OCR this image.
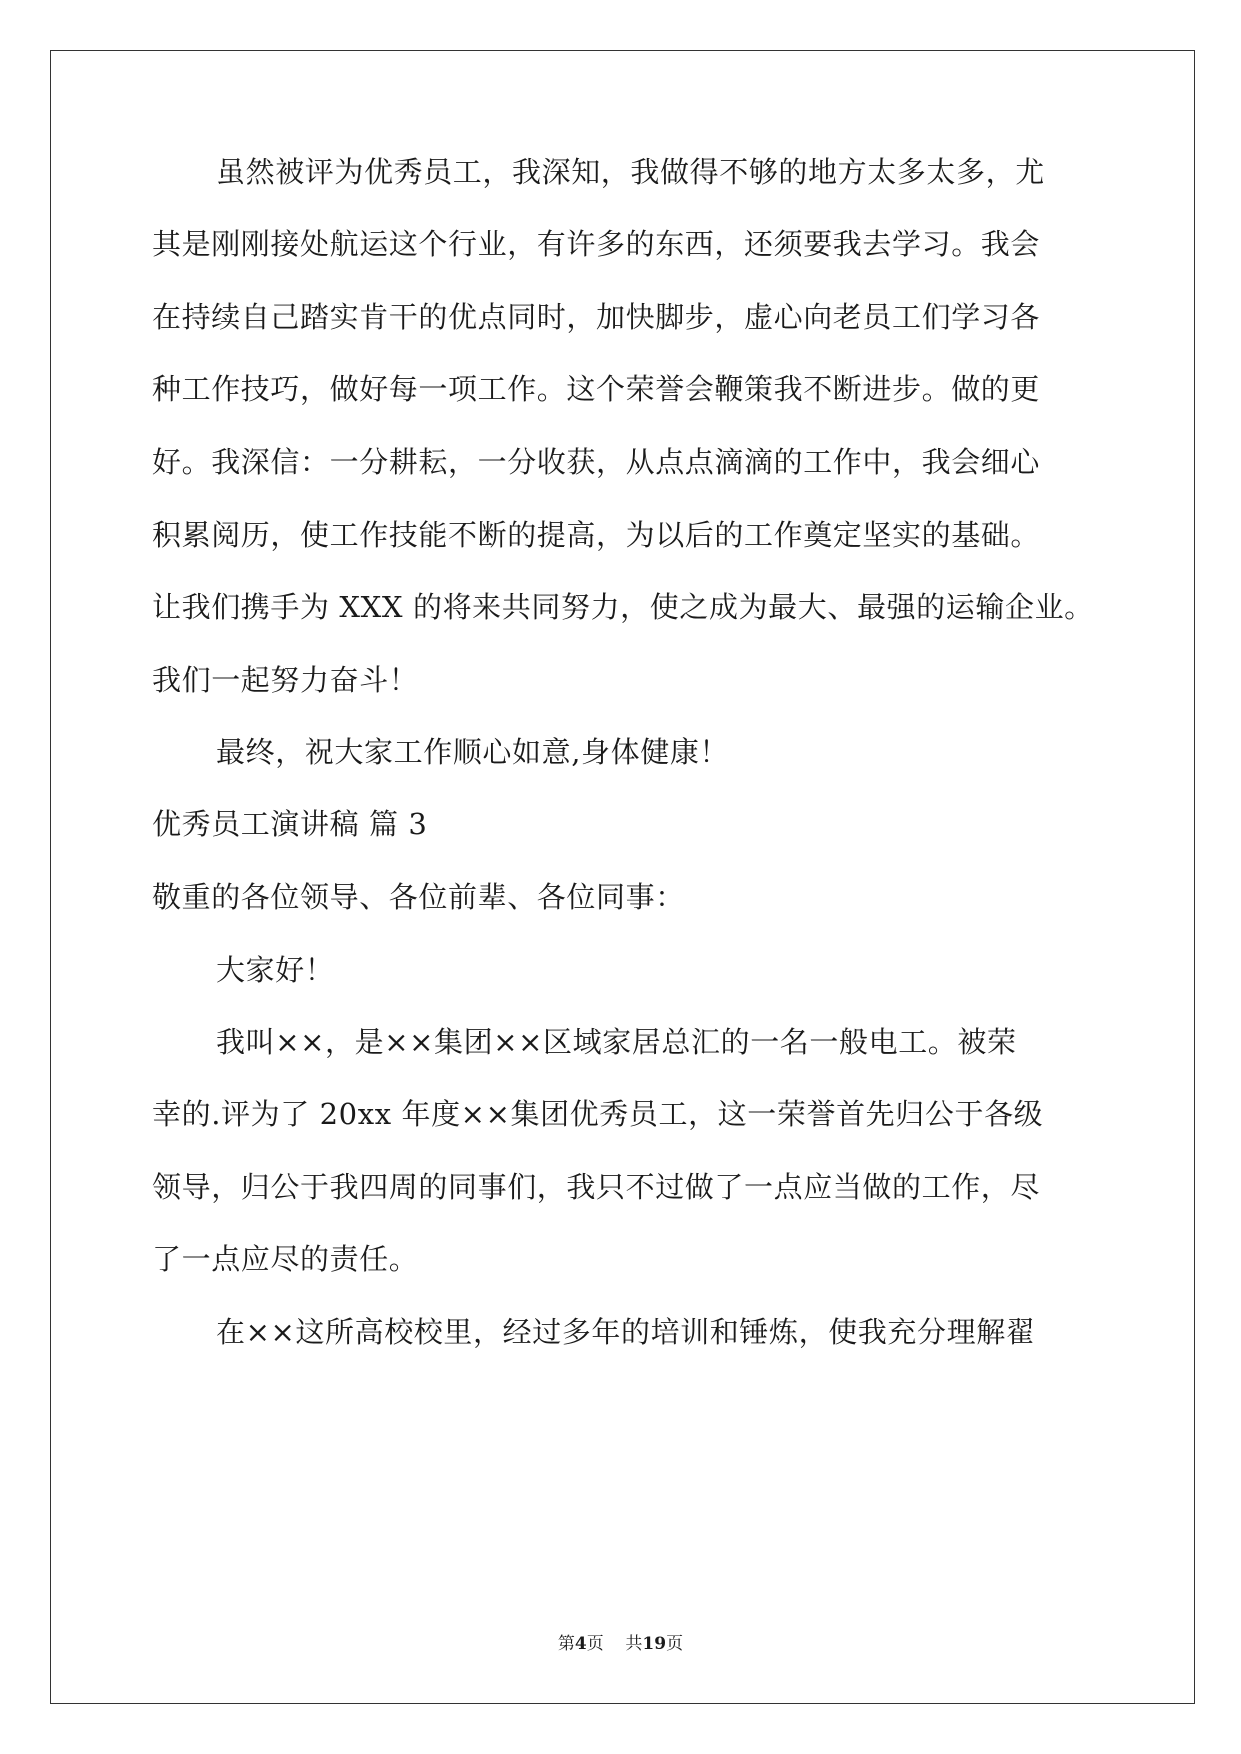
虽然被评为优秀员工，我深知，我做得不够的地方太多太多，尤
其是刚刚接处航运这个行业，有许多的东西，还须要我去学习。我会
在持续自己踏实肯干的优点同时，加快脚步，虚心向老员工们学习各
种工作技巧，做好每一项工作。这个荣誉会鞭策我不断进步。做的更
好。我深信：一分耕耘，一分收获，从点点滴滴的工作中，我会细心
积累阅历，使工作技能不断的提高，为以后的工作奠定坚实的基础。
让我们携手为 XXX 的将来共同努力，使之成为最大、最强的运输企业。
我们一起努力奋斗！
最终，祝大家工作顺心如意,身体健康！
优秀员工演讲稿 篇 3
敬重的各位领导、各位前辈、各位同事：
大家好！
我叫××，是××集团××区域家居总汇的一名一般电工。被荣
幸的.评为了 20xx 年度××集团优秀员工，这一荣誉首先归公于各级
领导，归公于我四周的同事们，我只不过做了一点应当做的工作，尽
了一点应尽的责任。
在××这所高校校里，经过多年的培训和锤炼，使我充分理解翟
第4页 共19页
